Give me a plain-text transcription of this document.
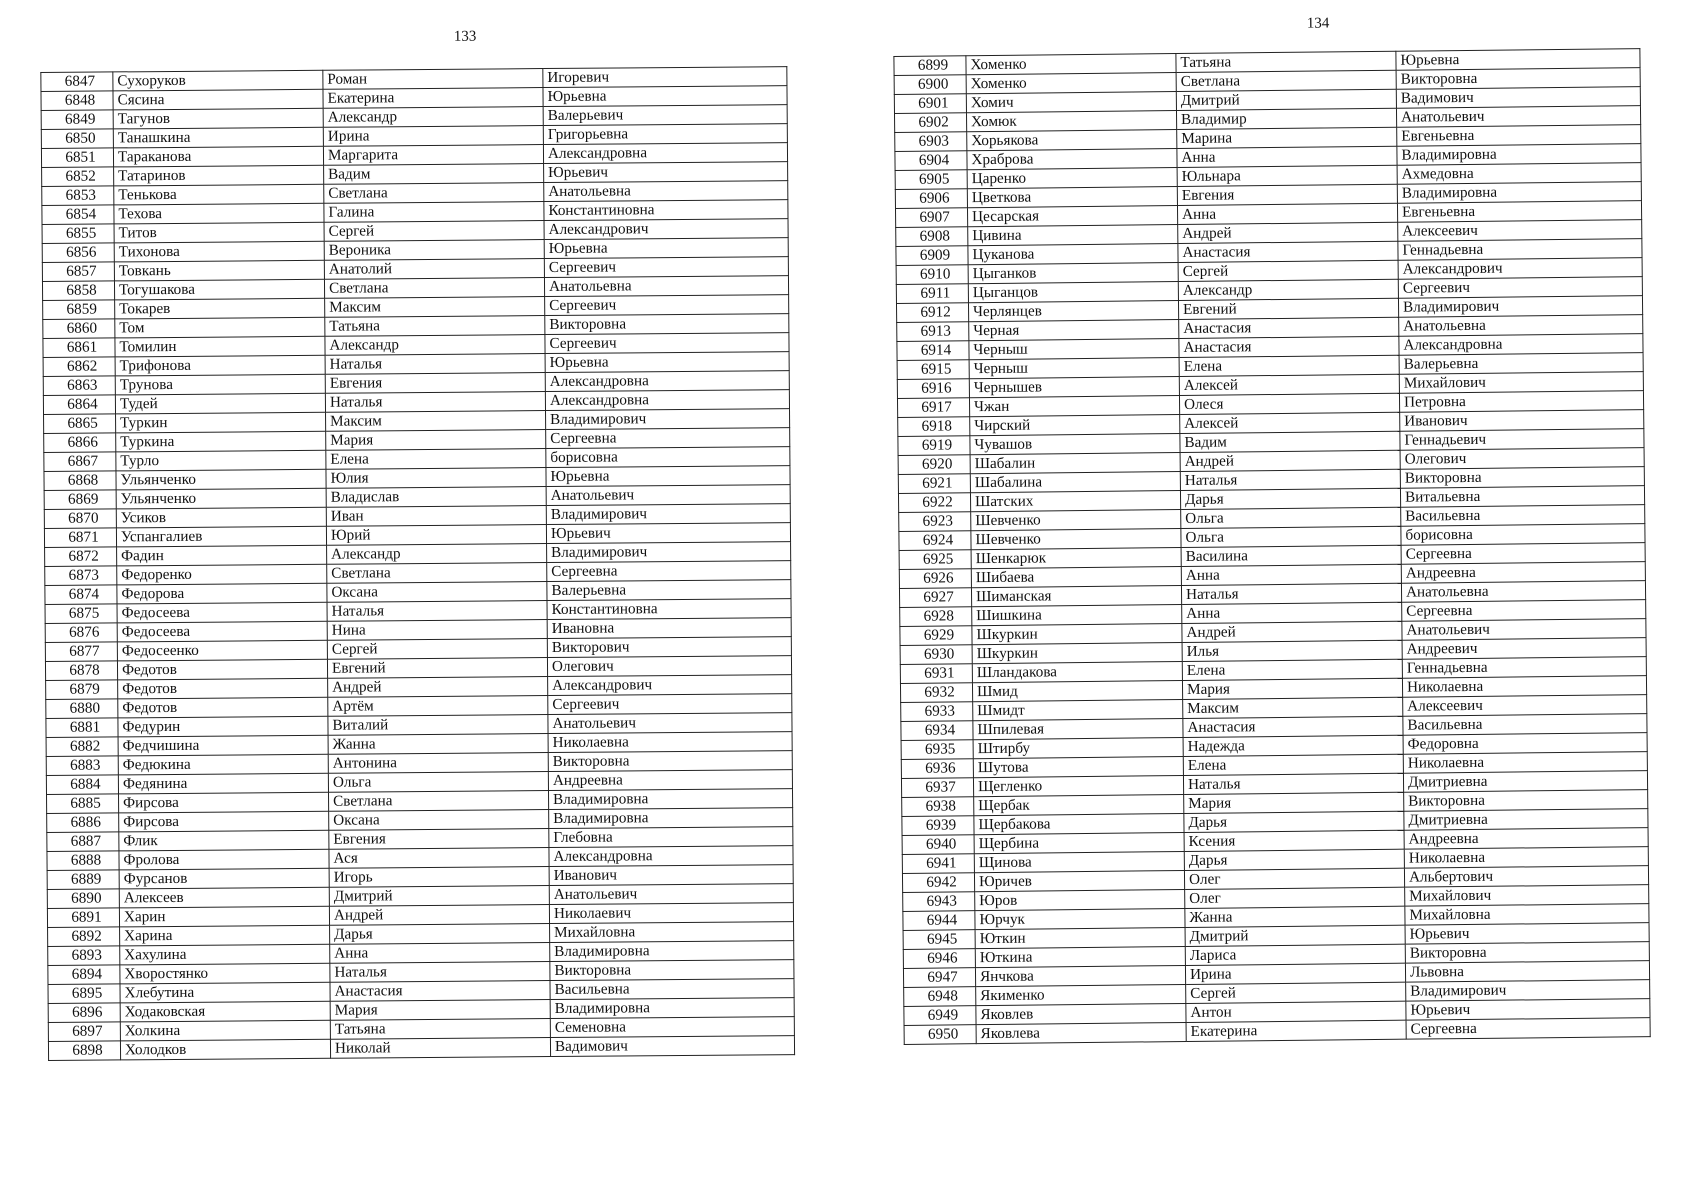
133
6847	Сухоруков	Роман	Игоревич
6848	Сясина	Екатерина	Юрьевна
6849	Тагунов	Александр	Валерьевич
6850	Танашкина	Ирина	Григорьевна
6851	Тараканова	Маргарита	Александровна
6852	Татаринов	Вадим	Юрьевич
6853	Тенькова	Светлана	Анатольевна
6854	Техова	Галина	Константиновна
6855	Титов	Сергей	Александрович
6856	Тихонова	Вероника	Юрьевна
6857	Товкань	Анатолий	Сергеевич
6858	Тогушакова	Светлана	Анатольевна
6859	Токарев	Максим	Сергеевич
6860	Том	Татьяна	Викторовна
6861	Томилин	Александр	Сергеевич
6862	Трифонова	Наталья	Юрьевна
6863	Трунова	Евгения	Александровна
6864	Тудей	Наталья	Александровна
6865	Туркин	Максим	Владимирович
6866	Туркина	Мария	Сергеевна
6867	Турло	Елена	борисовна
6868	Ульянченко	Юлия	Юрьевна
6869	Ульянченко	Владислав	Анатольевич
6870	Усиков	Иван	Владимирович
6871	Успангалиев	Юрий	Юрьевич
6872	Фадин	Александр	Владимирович
6873	Федоренко	Светлана	Сергеевна
6874	Федорова	Оксана	Валерьевна
6875	Федосеева	Наталья	Константиновна
6876	Федосеева	Нина	Ивановна
6877	Федосеенко	Сергей	Викторович
6878	Федотов	Евгений	Олегович
6879	Федотов	Андрей	Александрович
6880	Федотов	Артём	Сергеевич
6881	Федурин	Виталий	Анатольевич
6882	Федчишина	Жанна	Николаевна
6883	Федюкина	Антонина	Викторовна
6884	Федянина	Ольга	Андреевна
6885	Фирсова	Светлана	Владимировна
6886	Фирсова	Оксана	Владимировна
6887	Флик	Евгения	Глебовна
6888	Фролова	Ася	Александровна
6889	Фурсанов	Игорь	Иванович
6890	Алексеев	Дмитрий	Анатольевич
6891	Харин	Андрей	Николаевич
6892	Харина	Дарья	Михайловна
6893	Хахулина	Анна	Владимировна
6894	Хворостянко	Наталья	Викторовна
6895	Хлебутина	Анастасия	Васильевна
6896	Ходаковская	Мария	Владимировна
6897	Холкина	Татьяна	Семеновна
6898	Холодков	Николай	Вадимович
134
6899	Хоменко	Татьяна	Юрьевна
6900	Хоменко	Светлана	Викторовна
6901	Хомич	Дмитрий	Вадимович
6902	Хомюк	Владимир	Анатольевич
6903	Хорьякова	Марина	Евгеньевна
6904	Храброва	Анна	Владимировна
6905	Царенко	Юльнара	Ахмедовна
6906	Цветкова	Евгения	Владимировна
6907	Цесарская	Анна	Евгеньевна
6908	Цивина	Андрей	Алексеевич
6909	Цуканова	Анастасия	Геннадьевна
6910	Цыганков	Сергей	Александрович
6911	Цыганцов	Александр	Сергеевич
6912	Черлянцев	Евгений	Владимирович
6913	Черная	Анастасия	Анатольевна
6914	Черныш	Анастасия	Александровна
6915	Черныш	Елена	Валерьевна
6916	Чернышев	Алексей	Михайлович
6917	Чжан	Олеся	Петровна
6918	Чирский	Алексей	Иванович
6919	Чувашов	Вадим	Геннадьевич
6920	Шабалин	Андрей	Олегович
6921	Шабалина	Наталья	Викторовна
6922	Шатских	Дарья	Витальевна
6923	Шевченко	Ольга	Васильевна
6924	Шевченко	Ольга	борисовна
6925	Шенкарюк	Василина	Сергеевна
6926	Шибаева	Анна	Андреевна
6927	Шиманская	Наталья	Анатольевна
6928	Шишкина	Анна	Сергеевна
6929	Шкуркин	Андрей	Анатольевич
6930	Шкуркин	Илья	Андреевич
6931	Шландакова	Елена	Геннадьевна
6932	Шмид	Мария	Николаевна
6933	Шмидт	Максим	Алексеевич
6934	Шпилевая	Анастасия	Васильевна
6935	Штирбу	Надежда	Федоровна
6936	Шутова	Елена	Николаевна
6937	Щегленко	Наталья	Дмитриевна
6938	Щербак	Мария	Викторовна
6939	Щербакова	Дарья	Дмитриевна
6940	Щербина	Ксения	Андреевна
6941	Щинова	Дарья	Николаевна
6942	Юричев	Олег	Альбертович
6943	Юров	Олег	Михайлович
6944	Юрчук	Жанна	Михайловна
6945	Юткин	Дмитрий	Юрьевич
6946	Юткина	Лариса	Викторовна
6947	Янчкова	Ирина	Львовна
6948	Якименко	Сергей	Владимирович
6949	Яковлев	Антон	Юрьевич
6950	Яковлева	Екатерина	Сергеевна
